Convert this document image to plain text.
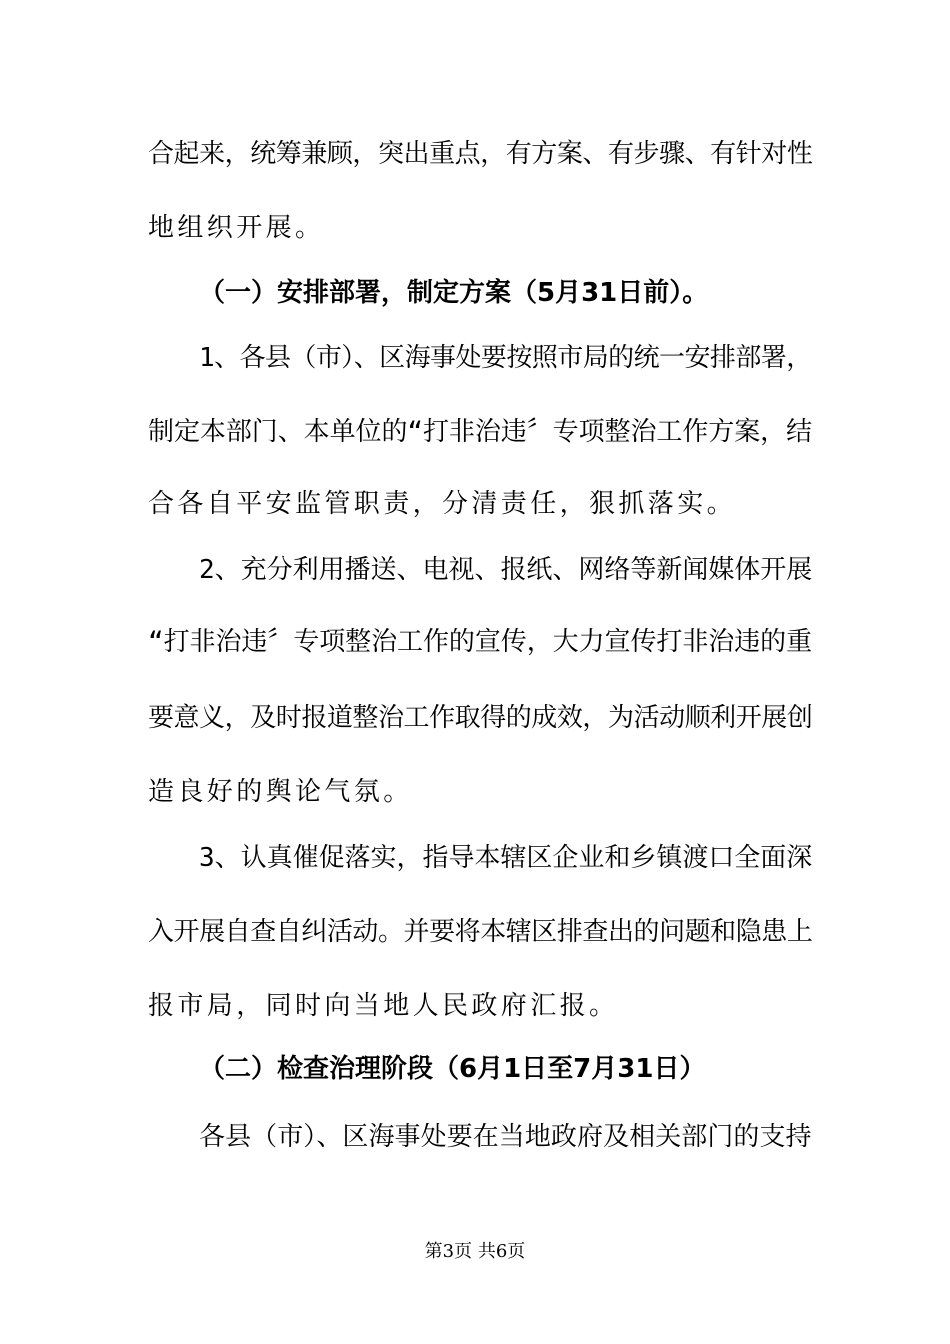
合起来，统筹兼顾，突出重点，有方案、有步骤、有针对性
地组织开展。
（一）安排部署，制定方案（5月31日前）。
1、各县（市）、区海事处要按照市局的统一安排部署，
制定本部门、本单位的“打非治违〞专项整治工作方案，结
合各自平安监管职责，分清责任，狠抓落实。
2、充分利用播送、电视、报纸、网络等新闻媒体开展
“打非治违〞专项整治工作的宣传，大力宣传打非治违的重
要意义，及时报道整治工作取得的成效，为活动顺利开展创
造良好的舆论气氛。
3、认真催促落实，指导本辖区企业和乡镇渡口全面深
入开展自查自纠活动。并要将本辖区排查出的问题和隐患上
报市局，同时向当地人民政府汇报。
（二）检查治理阶段（6月1日至7月31日）
各县（市）、区海事处要在当地政府及相关部门的支持
第3页 共6页
